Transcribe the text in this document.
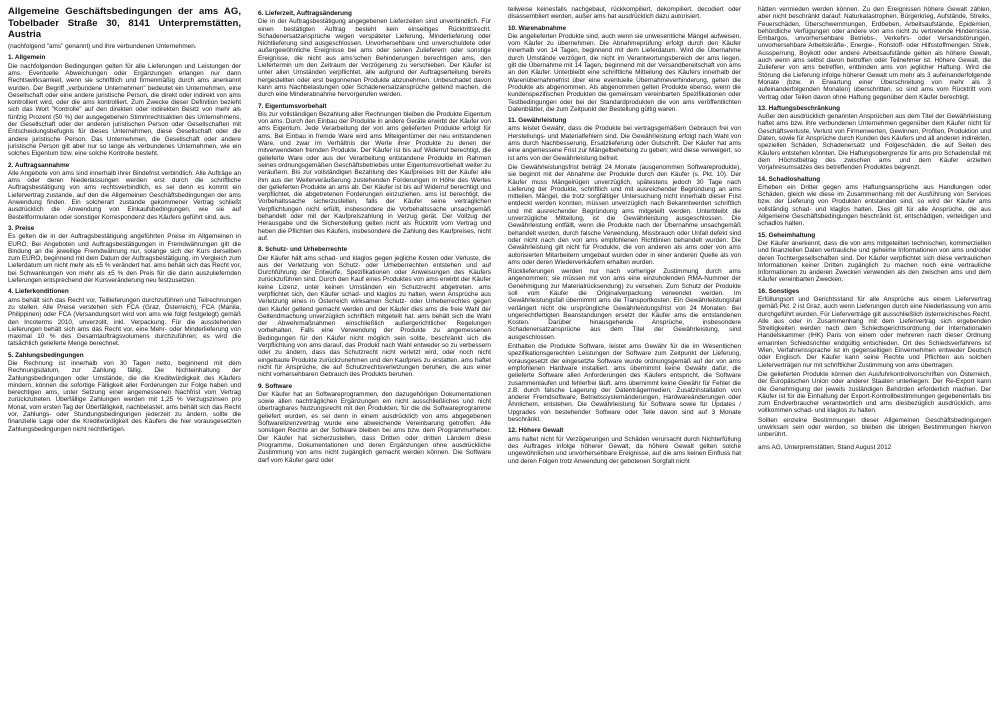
Allgemeine Geschäftsbedingungen der ams AG, Tobelbader Straße 30, 8141 Unterpremstätten, Austria

(nachfolgend "ams" genannt) und ihre verbundenen Unternehmen.

1. Allgemein

Die nachfolgenden Bedingungen gelten für alle Lieferungen und Leistungen der ams. Eventuelle Abweichungen oder Ergänzungen erlangen nur dann Rechtswirksamkeit, wenn sie schriftlich und firmenmäßig durch ams anerkannt wurden. Der Begriff „verbundene Unternehmen" bedeutet ein Unternehmen, eine Gesellschaft oder eine andere juristische Person, die direkt oder indirekt von ams kontrolliert wird, oder die ams kontrolliert. Zum Zwecke dieser Definition bezieht sich das Wort "Kontrolle" auf den direkten oder indirekten Besitz von mehr als fünfzig Prozent (50 %) der ausgegebenen Stimmrechtsaktien des Unternehmens, der Gesellschaft oder der anderen juristischen Person oder Gesellschaften mit Entscheidungsbefugnis für dieses Unternehmen, diese Gesellschaft oder die andere juristische Person. Das Unternehmen, die Gesellschaft oder andere juristische Person gilt aber nur so lange als verbundenes Unternehmen, wie ein solches Eigentum bzw. eine solche Kontrolle besteht.

2. Auftragsannahme

Alle Angebote von ams sind innerhalb ihrer Bindefrist verbindlich. Alle Aufträge an ams oder deren Niederlassungen werden erst durch die schriftliche Auftragsbestätigung von ams rechtsverbindlich, es sei denn es kommt ein Liefervertrag zustande, auf den die Allgemeinen Geschäftsbedingungen der ams Anwendung finden. Ein solcherart zustande gekommener Vertrag schließt ausdrücklich die Anwendung von Einkaufsbedingungen, wie sie auf Bestellformularen oder sonstiger Korrespondenz des Käufers geführt sind, aus.

3. Preise

Es gelten die in der Auftragsbestätigung angeführten Preise im Allgemeinen in EURO. Bei Angeboten und Auftragsbestätigungen in Fremdwährungen gilt die Bindung an die jeweilige Fremdwährung nur, solange sich der Kurs derselben zum EURO, beginnend mit dem Datum der Auftragsbestätigung, im Vergleich zum Lieferdatum um nicht mehr als ±5 % verändert hat. ams behält sich das Recht vor, bei Schwankungen von mehr als ±5 % den Preis für die dann auszuliefernden Lieferungen entsprechend der Kursveränderung neu festzusetzen.

4. Lieferkonditionen

ams behält sich das Recht vor, Teillieferungen durchzuführen und Teilrechnungen zu stellen. Alle Preise verstehen sich FCA (Graz, Österreich), FCA (Manila, Philippinen) oder FCA (Versandungsort wird von ams wie folgt festgelegt) gemäß den Incoterms 2010, unverzollt, inkl. Verpackung. Für die ausstehenden Lieferungen behält sich ams das Recht vor, eine Mehr- oder Minderlieferung von maximal 10 % des Gesamtauftragsvolumens durchzuführen; es wird die tatsächlich gelieferte Menge berechnet.

5. Zahlungsbedingungen

Die Rechnung ist innerhalb von 30 Tagen netto, beginnend mit dem Rechnungsdatum, zur Zahlung fällig. Die Nichteinhaltung der Zahlungsbedingungen oder Umstände, die die Kreditwürdigkeit des Käufers mindern, können die sofortige Fälligkeit aller Forderungen zur Folge haben und berechtigen ams, unter Setzung einer angemessenen Nachfrist vom Vertrag zurückzutreten. Überfällige Zahlungen werden mit 1,25 % Verzugszinsen pro Monat, vom ersten Tag der Überfälligkeit, nachbelastet. ams behält sich das Recht vor, Zahlungs- oder Stundungsbedingungen jederzeit zu ändern, sollte die finanzielle Lage oder die Kreditwürdigkeit des Käufers die hier vorausgesetzten Zahlungsbedingungen nicht rechtfertigen.

6. Lieferzeit, Auftragsänderung

Die in der Auftragsbestätigung angegebenen Lieferzeiten sind unverbindlich. Für einen bestätigten Auftrag besteht kein einseitiges Rücktrittsrecht. Schadenersatzansprüche wegen verspäteter Lieferung, Minderlieferung oder Nichtlieferung sind ausgeschlossen. Unvorhersehbare und unverschuldete oder außergewöhnliche Ereignisse bei ams oder seinen Zulieferern oder sonstige Ereignisse, die nicht aus ams'schen Behinderungen berechtigen ams, den Liefertermin um den Zeitraum der Verzögerung zu verschieben. Der Käufer ist unter allen Umständen verpflichtet, alle aufgrund der Auftragserteilung bereits hergestellten oder erst begonnenen Produkte abzunehmen. Unbeschadet davon kann ams Nachbelastungen oder Schadenersatzansprüche geltend machen, die durch eine Minderabnahme hervorgerufen werden.

7. Eigentumsvorbehalt

Bis zur vollständigen Bezahlung aller Rechnungen bleiben die Produkte Eigentum von ams. Durch den Einbau der Produkte in andere Geräte erwirbt der Käufer von ams Eigentum. Jede Verarbeitung der von ams gelieferten Produkte erfolgt für ams. Bei Einbau in fremde Ware wird ams Miteigentümer der neu entstandenen Ware, und zwar im Verhältnis der Werte ihrer Produkte zu denen der mitverwendeten fremden Produkte. Der Käufer ist bis auf Widerruf berechtigt, die gelieferte Ware oder aus der Verarbeitung entstandene Produkte im Rahmen seines ordnungsgemäßen Geschäftsbetriebes unter Eigentumsvorbehalt weiter zu veräußern. Bis zur vollständigen Bezahlung des Kaufpreises tritt der Käufer alle ihm aus der Weiterveräußerung zustehenden Forderungen in Höhe des Wertes der gelieferten Produkte an ams ab. Der Käufer ist bis auf Widerruf berechtigt und verpflichtet, die abgetretenen Forderungen einzuziehen. ams ist berechtigt, die Vorbehaltssache sicherzustellen, falls der Käufer seine vertraglichen Verpflichtungen nicht erfüllt, insbesondere die Vorbehaltssache unsachgemäß behandelt oder mit der Kaufpreiszahlung in Verzug gerät. Der Vollzug der Herausgabe und die Sicherstellung gelten nicht als Rücktritt vom Vertrag und heben die Pflichten des Käufers, insbesondere die Zahlung des Kaufpreises, nicht auf.

8. Schutz- und Urheberrechte

Der Käufer hält ams schad- und klaglos gegen jegliche Kosten oder Verluste, die aus der Verletzung von Schutz- oder Urheberrechten entstehen und auf Durchführung der Entwürfe, Spezifikationen oder Anweisungen des Käufers zurückzuführen sind. Durch den Kauf eines Produktes von ams erwirbt der Käufer keine Lizenz, unter keinen Umständen ein Schutzrecht abgetreten. ams verpflichtet sich, den Käufer schad- und klaglos zu halten, wenn Ansprüche aus Verletzung eines in Österreich wirksamen Schutz- oder Urheberrechtes gegen den Käufer geltend gemacht werden und der Käufer dies ams die freie Wahl der Geltendmachung unverzüglich schriftlich mitgeteilt hat. ams behält sich die Wahl der Abwehrmaßnahmen einschließlich außergerichtlicher Regelungen vorbehalten. Falls eine Verwendung der Produkte zu angemessenen Bedingungen für den Käufer nicht möglich sein sollte, beschränkt sich die Verpflichtung von ams darauf, das Produkt nach Wahl entweder so zu verbessern oder zu ändern, dass das Schutzrecht nicht verletzt wird, oder noch nicht eingebaute Produkte zurückzunehmen und den Kaufpreis zu erstatten. ams haftet nicht für Ansprüche, die auf Schutzrechtsverletzungen beruhen, die aus einer nicht vorhersehbaren Gebrauch des Produkts beruhen.

9. Software

Der Käufer hat an Softwareprogrammen, den dazugehörigen Dokumentationen sowie allen nachträglichen Ergänzungen ein nicht ausschließliches und nicht übertragbares Nutzungsrecht mit den Produkten, für die die Softwareprogramme geliefert wurden, es sei denn in einem ausdrücklich von ams abgegebenen Softwarelizenzvertrag wurde eine abweichende Vereinbarung getroffen. Alle sonstigen Rechte an der Software bleiben bei ams bzw. dem Programmurheber. Der Käufer hat sicherzustellen, dass Dritten oder dritten Ländern diese Programme, Dokumentationen und deren Ergänzungen ohne ausdrückliche Zustimmung von ams nicht zugänglich gemacht werden können. Die Software darf vom Käufer ganz oder

teilweise keinesfalls nachgebaut, rückkompiliert, dekompiliert, decodiert oder disassembliert werden, außer ams hat ausdrücklich dazu autorisiert.

10. Warenabnahme

Die angelieferten Produkte sind, auch wenn sie unwesentliche Mängel aufweisen, vom Käufer zu übernehmen. Die Abnahmeprüfung erfolgt durch den Käufer innerhalb von 14 Tagen, beginnend mit dem Lieferdatum. Wird die Übernahme durch Umstände verzögert, die nicht im Verantwortungsbereich der ams liegen, gilt die Übernahme mit 14 Tagen, beginnend mit der Versandbereitschaft von ams an den Käufer. Unterbleibt eine schriftliche Mitteilung des Käufers innerhalb der Warenübernahmefrist über eine eventuelle Übernahmeverhinderung, gelten die Produkte als abgenommen. Als abgenommen gelten Produkte ebenso, wenn die kundenspezifischen Produkten die gemeinsam vereinbarten Spezifikationen oder Testbedingungen oder bei der Standardprodukten die von ams veröffentlichten Datenblätter, die zum Zeitpunkt der Bestellung gültig waren.

11. Gewährleistung

ams leistet Gewähr, dass die Produkte bei vertragsgemäßem Gebrauch frei von Herstellungs- und Materialfehlern sind. Die Gewährleistung erfolgt nach Wahl von ams durch Nachbesserung, Ersatzlieferung oder Gutschrift. Der Käufer hat ams eine angemessene Frist zur Mängelbehebung zu geben; wird diese verweigert, so ist ams von der Gewährleistung befreit.

Die Gewährleistungsfrist beträgt 24 Monate (ausgenommen Softwareprodukte), sie beginnt mit der Abnahme der Produkte durch den Käufer (s. Pkt. 10). Der Käufer muss Mängelrügen unverzüglich, spätestens jedoch 30 Tage nach Lieferung der Produkte, schriftlich und mit ausreichender Begründung an ams mitteilen. Mängel, die trotz sorgfältiger Untersuchung nicht innerhalb dieser Frist entdeckt werden konnten, müssen unverzüglich nach Bekanntwerden schriftlich und mit ausreichender Begründung ams mitgeteilt werden. Unterbleibt die unverzügliche Mitteilung, ist die Gewährleistung ausgeschlossen. Die Gewährleistung entfällt, wenn die Produkte nach der Übernahme unsachgemäß behandelt wurden, durch falsche Verwendung, Missbrauch oder Unfall defekt sind oder nicht nach den von ams empfohlenen Richtlinien behandelt wurden. Die Gewährleistung gilt nicht für Produkte, die von anderen als ams oder von ams autorisierten Mitarbeitern umgebaut wurden oder in einer anderen Quelle als von ams oder deren Wiederverkäufern erhalten wurden.

Rücklieferungen werden nur nach vorheriger Zustimmung durch ams angenommen; sie müssen mit von ams eine einzuholenden RMA-Nummer der Genehmigung zur Materialrücksendung) zu versehen. Zum Schutz der Produkte soll vom Käufer die Originalverpackung verwendet werden. Im Gewährleistungsfall übernimmt ams die Transportkosten. Ein Gewährleistungsfall verlängert nicht die ursprüngliche Gewährleistungsfrist von 24 Monaten. Bei ungerechtfertigten Beanstandungen ersetzt der Käufer ams die entstandenen Kosten. Darüber hinausgehende Ansprüche, insbesondere Schadenersatzansprüche aus dem Titel der Gewährleistung, sind ausgeschlossen.

Enthalten die Produkte Software, leistet ams Gewähr für die im Wesentlichen spezifikationsgerechten Leistungen der Software zum Zeitpunkt der Lieferung, vorausgesetzt der eingesetzte Software wurde ordnungsgemäß auf der von ams empfohlenen Hardware installiert. ams übernimmt keine Gewähr dafür, die gelieferte Software allen Anforderungen des Käufers entspricht, die Software zusammenlaufen und fehlerfrei läuft. ams übernimmt keine Gewähr für Fehler die z.B. durch falsche Lagerung der Datenträgermedien, Zusatzinstallation von anderer Fremdsoftware, Betriebssystemänderungen, Hardwareänderungen oder Ähnlichem, entstehen. Die Gewährleistung für Software sowie für Updates / Upgrades von bestehender Software oder Teile davon sind auf 3 Monate beschränkt.

12. Höhere Gewalt

ams haftet nicht für Verzögerungen und Schäden verursacht durch Nichterfüllung des Auftrages infolge höherer Gewalt, da höhere Gewalt gelten solche ungewöhnlichen und unvorhersehbare Ereignisse, auf die ams keinen Einfluss hat und deren Folgen trotz Anwendung der gebotenen Sorgfalt nicht

hätten vermieden werden können. Zu den Ereignissen höhere Gewalt zählen, aber nicht beschränkt darauf: Naturkatastrophen, Bürgerkrieg, Aufstände, Streiks, Feuerschäden, Überschwemmungen, Erdbeben, Arbeitsaufstände, Epidemien, behördliche Verfügungen oder andere von ams nicht zu vertretende Hindernisse, Embargos, unvorhersehbare Betriebs-, Verkehrs- oder Versandstörungen, unvorhersehbare Arbeitskräfte-, Energie-, Rohstoff- oder Hilfsstoffmengen. Streik, Aussperrung, Boykott oder andere Arbeitsaufstände gelten als höhere Gewalt, auch wenn ams selbst davon betroffen oder Teilnehmer ist. Höhere Gewalt, die Zulieferer von ams betreffen, entbinden ams von jeglicher Haftung. Wird die Störung die Lieferung infolge höherer Gewalt um mehr als 3 aufeinanderfolgende Monate (bzw. in Erwartung einer Überschreitung von mehr als 3 aufeinanderfolgenden Monaten) überschritten, so sind ams vom Rücktritt vom Vertrag oder Teilen davon ohne Haftung gegenüber dem Käufer berechtigt.

13. Haftungsbeschränkung

Außer den ausdrücklich genannten Ansprüchen aus dem Titel der Gewährleistung haftet ams bzw. ihre verbundenen Unternehmen gegenüber dem Käufer nicht für Geschäftsverluste, Verlust von Firmenwerten, Gewinnen, Profiten, Produktion und Daten, sowie für Ansprüche durch Kunden des Käufers und all anderen indirekten, speziellen Schäden, Schadenersatz und Folgeschäden, die auf Seiten des Käufers entstehen könnten. Die Haftungsobergrenze für ams pro Schadensfall mit dem Höchstbetrag des zwischen ams und dem Käufer erzielten Vorjahresumsatzes des betreffenden Produktes begrenzt.

14. Schadloshaltung

Erheben ein Dritter gegen ams Haftungsansprüche aus Handlungen oder Schäden, gleich wie diese im Zusammenhang mit der Ausführung von Services bzw. der Lieferung von Produkten entstanden sind, so wird der Käufer ams vollständig schad- und klaglos halten. Dies gilt für alle Ansprüche, die aus Allgemeine Geschäftsbedingungen beschränkt ist, entschädigen, verteidigen und schadlos halten.

15. Geheimhaltung

Der Käufer anerkennt, dass die von ams mitgeteilten technischen, kommerziellen und finanziellen Daten vertrauliche und geheime Informationen von ams und/oder deren Tochtergesellschaften sind. Der Käufer verpflichtet sich diese vertraulichen Informationen keiner Dritten zugänglich zu machen noch eine vertrauliche Informationen zu anderen Zwecken verwenden als den zwischen ams und dem Käufer vereinbarten Zwecken.

16. Sonstiges

Erfüllungsort und Gerichtsstand für alle Ansprüche aus einem Liefervertrag gemäß Pkt. 2 ist Graz, auch wenn Lieferungen durch eine Niederlassung von ams durchgeführt wurden. Für Lieferverträge gilt ausschließlich österreichisches Recht. Alle aus oder in Zusammenhang mit dem Liefervertrag sich ergebenden Streitigkeiten werden nach dem Schiedsgerichtsordnung der Internationalen Handelskammer (IHK) Paris von einem oder mehreren nach dieser Ordnung ernannten Schiedsrichter endgültig entschieden. Ort des Schiedsverfahrens ist Wien, Verfahrenssprache ist im gegenseitigen Einvernehmen entweder Deutsch oder Englisch. Der Käufer kann seine Rechte und Pflichten aus solchen Lieferverträgen nur mit schriftlicher Zustimmung von ams übertragen.

Die gelieferten Produkte können den Ausfuhrkontrollvorschriften von Österreich, der Europäischen Union oder anderer Staaten unterliegen. Der Re-Export kann die Genehmigung der jeweils zuständigen Behörden erforderlich machen. Der Käufer ist für die Einhaltung der Export-Kontrollbestimmungen gegebenenfalls bis zum Endverbraucher verantwortlich und ams diesbezüglich ausdrücklich, ams vollkommen schad- und klaglos zu halten.

Sollten einzelne Bestimmungen dieser Allgemeinen Geschäftsbedingungen unwirksam sein oder werden, so bleiben die übrigen Bestimmungen hiervon unberührt.

ams AG, Unterpremstätten, Stand August 2012
